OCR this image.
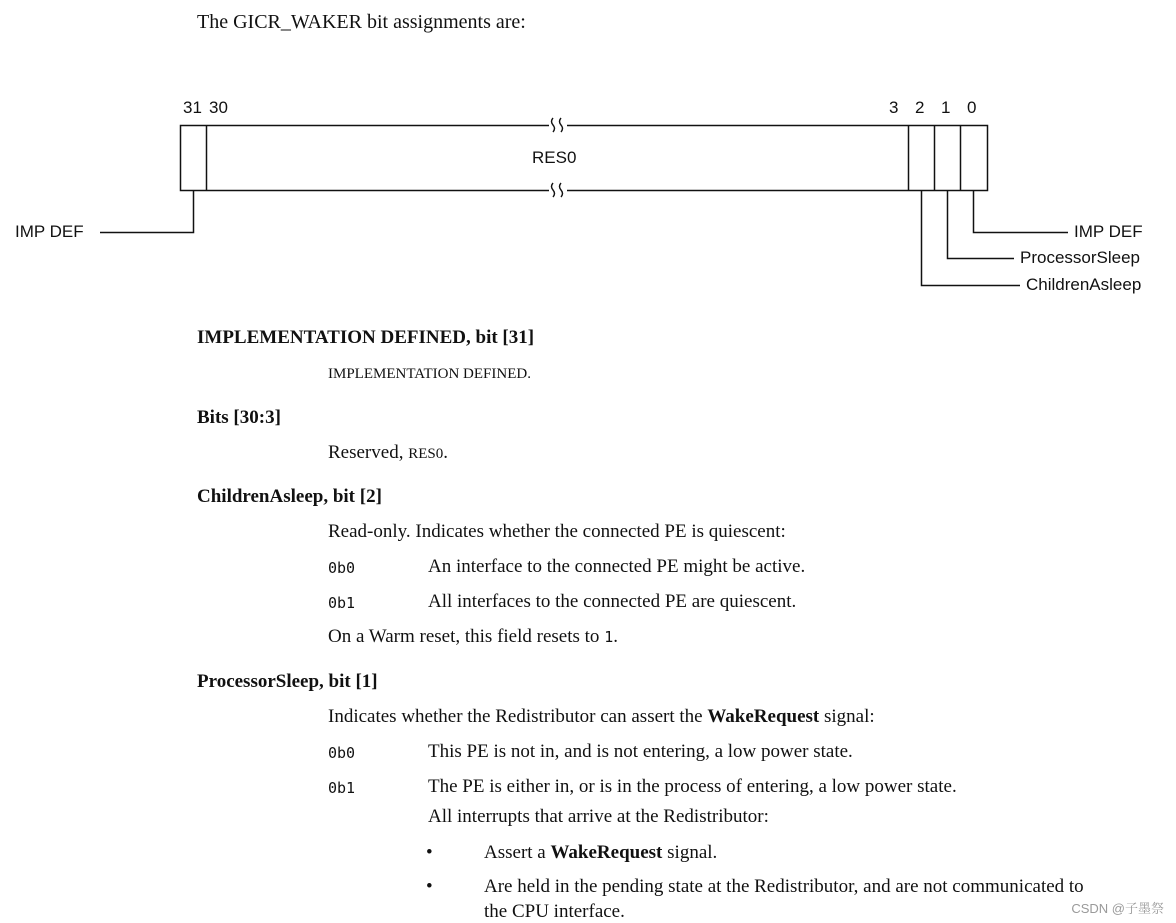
The GICR_WAKER bit assignments are:
31 30	3 2 1 0
RES0
IMP DEF	IMP DEF
ProcessorSleep
ChildrenAsleep
IMPLEMENTATION DEFINED, bit [31]
IMPLEMENTATION DEFINED.
Bits [30:3]
Reserved, RES0.
ChildrenAsleep, bit [2]
Read-only. Indicates whether the connected PE is quiescent:
0b0	An interface to the connected PE might be active.
0b1	All interfaces to the connected PE are quiescent.
On a Warm reset, this field resets to 1.
ProcessorSleep, bit [1]
Indicates whether the Redistributor can assert the WakeRequest signal:
0b0	This PE is not in, and is not entering, a low power state.
0b1	The PE is either in, or is in the process of entering, a low power state.
All interrupts that arrive at the Redistributor:
•	Assert a WakeRequest signal.
•	Are held in the pending state at the Redistributor, and are not communicated to
the CPU interface.	CSDN @子墨祭
